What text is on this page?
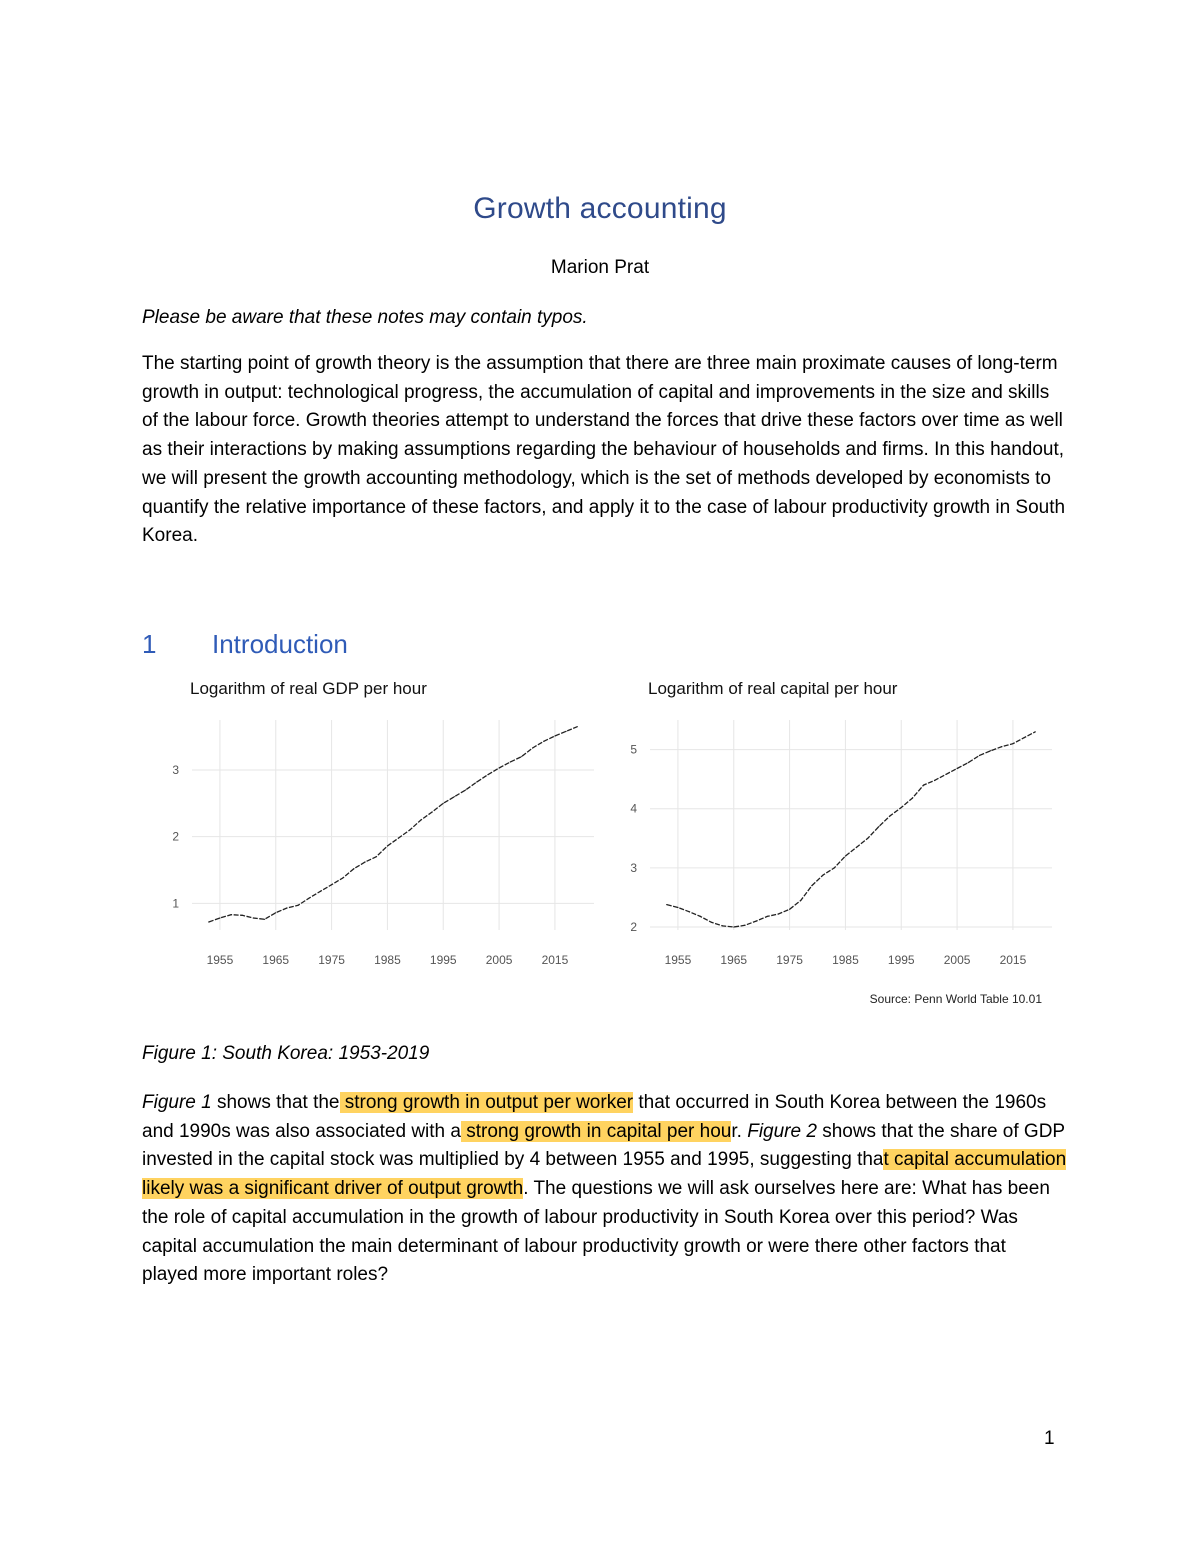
Growth accounting
Marion Prat
Please be aware that these notes may contain typos.

The starting point of growth theory is the assumption that there are three main proximate causes of long-term growth in output: technological progress, the accumulation of capital and improvements in the size and skills of the labour force. Growth theories attempt to understand the forces that drive these factors over time as well as their interactions by making assumptions regarding the behaviour of households and firms. In this handout, we will present the growth accounting methodology, which is the set of methods developed by economists to quantify the relative importance of these factors, and apply it to the case of labour productivity growth in South Korea.

1 Introduction
Logarithm of real GDP per hour
1
2
3
1955 1965 1975 1985 1995 2005 2015
Logarithm of real capital per hour
2
3
4
5
1955 1965 1975 1985 1995 2005 2015
Source: Penn World Table 10.01
Figure 1: South Korea: 1953-2019

Figure 1 shows that the strong growth in output per worker that occurred in South Korea between the 1960s and 1990s was also associated with a strong growth in capital per hour. Figure 2 shows that the share of GDP invested in the capital stock was multiplied by 4 between 1955 and 1995, suggesting that capital accumulation likely was a significant driver of output growth. The questions we will ask ourselves here are: What has been the role of capital accumulation in the growth of labour productivity in South Korea over this period? Was capital accumulation the main determinant of labour productivity growth or were there other factors that played more important roles?

1
